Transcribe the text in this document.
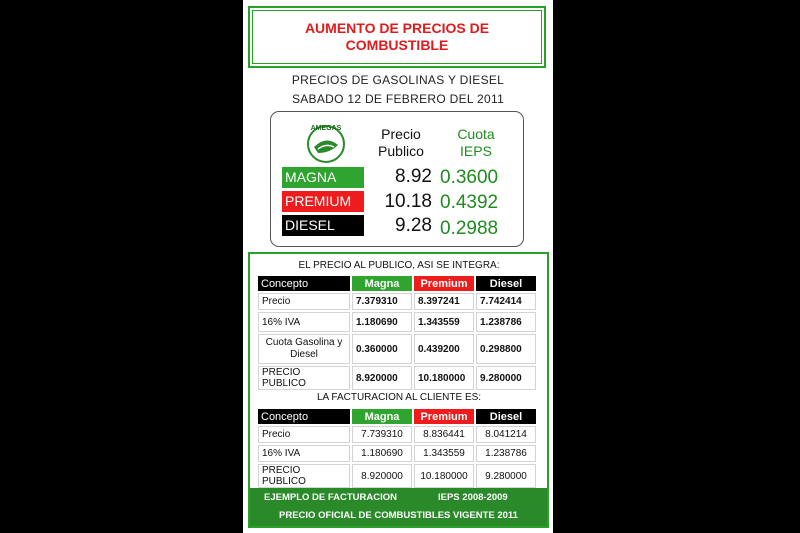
AUMENTO DE PRECIOS DE COMBUSTIBLE
PRECIOS DE GASOLINAS Y DIESEL
SABADO 12 DE FEBRERO DEL 2011
AMEGAS	Precio
Publico
Cuota
IEPS
MAGNA	8.92 0.3600
PREMIUM	10.18 0.4392
DIESEL	9.28 0.2988
EL PRECIO AL PUBLICO, ASI SE INTEGRA:
Concepto	Magna	Premium	Diesel
Precio	7.379310	8.397241	7.742414
16% IVA	1.180690	1.343559	1.238786
Cuota Gasolina y Diesel	0.360000	0.439200	0.298800
PRECIO PUBLICO	8.920000	10.180000	9.280000
LA FACTURACION AL CLIENTE ES:
Concepto	Magna	Premium	Diesel
Precio	7.739310	8.836441	8.041214
16% IVA	1.180690	1.343559	1.238786
PRECIO PUBLICO	8.920000	10.180000	9.280000
EJEMPLO DE FACTURACION	IEPS 2008-2009
PRECIO OFICIAL DE COMBUSTIBLES VIGENTE 2011
